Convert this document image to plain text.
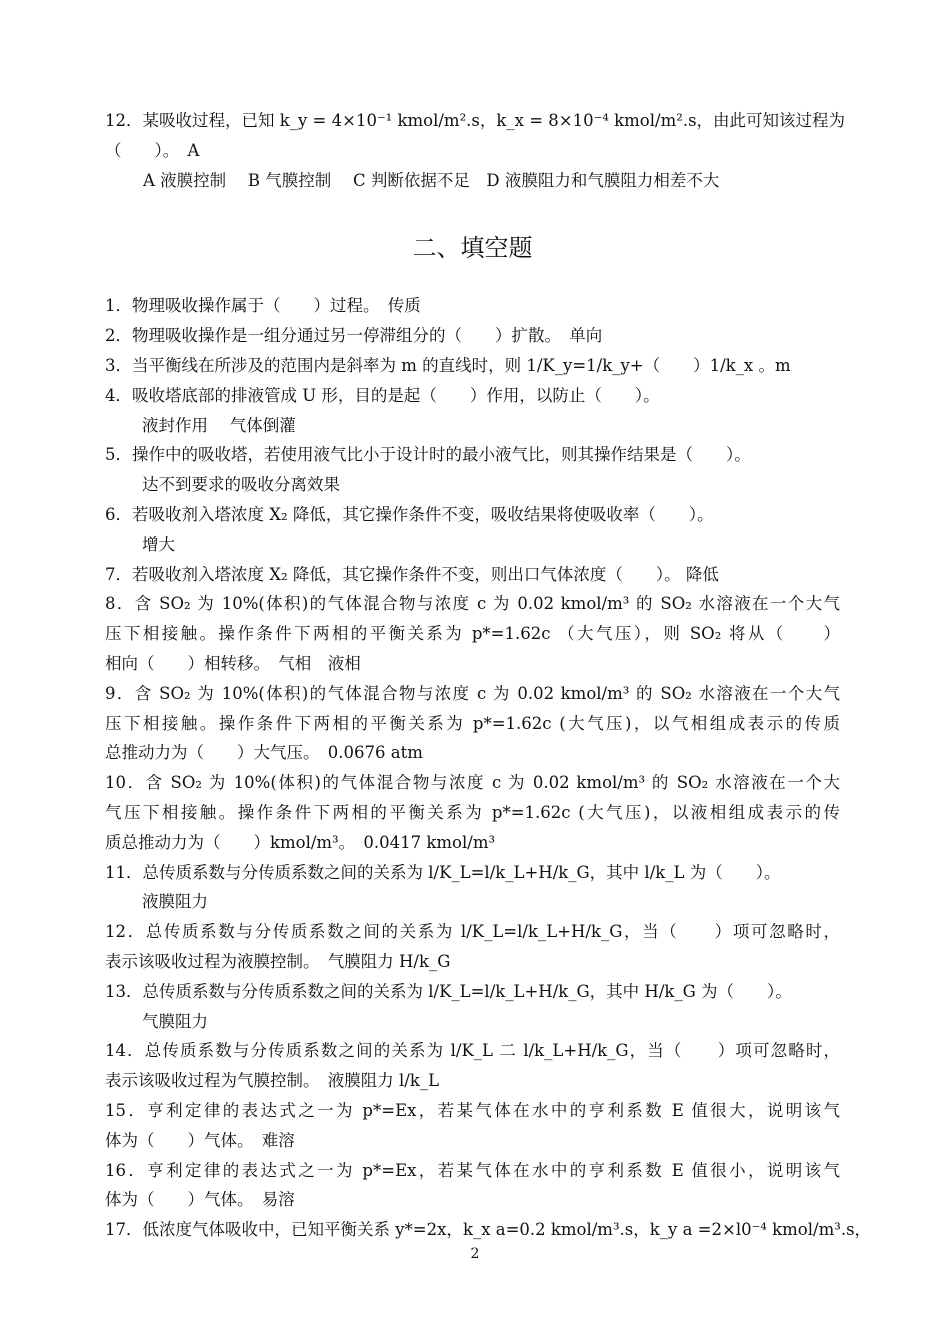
12．某吸收过程，已知 k_y = 4×10⁻¹ kmol/m².s，k_x = 8×10⁻⁴ kmol/m².s，由此可知该过程为
（　　）。　A
A 液膜控制　 B 气膜控制　 C 判断依据不足　D 液膜阻力和气膜阻力相差不大
二、填空题
1．物理吸收操作属于（　　）过程。　传质
2．物理吸收操作是一组分通过另一停滞组分的（　　）扩散。　单向
3．当平衡线在所涉及的范围内是斜率为 m 的直线时，则 1/K_y=1/k_y+（　　）1/k_x 。m
4．吸收塔底部的排液管成 U 形，目的是起（　　）作用，以防止（　　）。
液封作用　 气体倒灌
5．操作中的吸收塔，若使用液气比小于设计时的最小液气比，则其操作结果是（　　）。
达不到要求的吸收分离效果
6．若吸收剂入塔浓度 X₂ 降低，其它操作条件不变，吸收结果将使吸收率（　　）。
增大
7．若吸收剂入塔浓度 X₂ 降低，其它操作条件不变，则出口气体浓度（　　）。 降低
8．含 SO₂ 为 10%(体积)的气体混合物与浓度 c 为 0.02 kmol/m³ 的 SO₂ 水溶液在一个大气
压下相接触。操作条件下两相的平衡关系为 p*=1.62c （大气压），则 SO₂ 将从（　　）
相向（　　）相转移。　气相　液相
9．含 SO₂ 为 10%(体积)的气体混合物与浓度 c 为 0.02 kmol/m³ 的 SO₂ 水溶液在一个大气
压下相接触。操作条件下两相的平衡关系为 p*=1.62c (大气压)，以气相组成表示的传质
总推动力为（　　）大气压。　0.0676 atm
10．含 SO₂ 为 10%(体积)的气体混合物与浓度 c 为 0.02 kmol/m³ 的 SO₂ 水溶液在一个大
气压下相接触。操作条件下两相的平衡关系为 p*=1.62c (大气压)，以液相组成表示的传
质总推动力为（　　）kmol/m³。　0.0417 kmol/m³
11．总传质系数与分传质系数之间的关系为 l/K_L=l/k_L+H/k_G，其中 l/k_L 为（　　）。
液膜阻力
12．总传质系数与分传质系数之间的关系为 l/K_L=l/k_L+H/k_G，当（　　）项可忽略时，
表示该吸收过程为液膜控制。　气膜阻力 H/k_G
13．总传质系数与分传质系数之间的关系为 l/K_L=l/k_L+H/k_G，其中 H/k_G 为（　　）。
气膜阻力
14．总传质系数与分传质系数之间的关系为 l/K_L 二 l/k_L+H/k_G，当（　　）项可忽略时，
表示该吸收过程为气膜控制。　液膜阻力 l/k_L
15．亨利定律的表达式之一为 p*=Ex，若某气体在水中的亨利系数 E 值很大，说明该气
体为（　　）气体。　难溶
16．亨利定律的表达式之一为 p*=Ex，若某气体在水中的亨利系数 E 值很小，说明该气
体为（　　）气体。　易溶
17．低浓度气体吸收中，已知平衡关系 y*=2x，k_x a=0.2 kmol/m³.s，k_y a =2×l0⁻⁴ kmol/m³.s，
2
